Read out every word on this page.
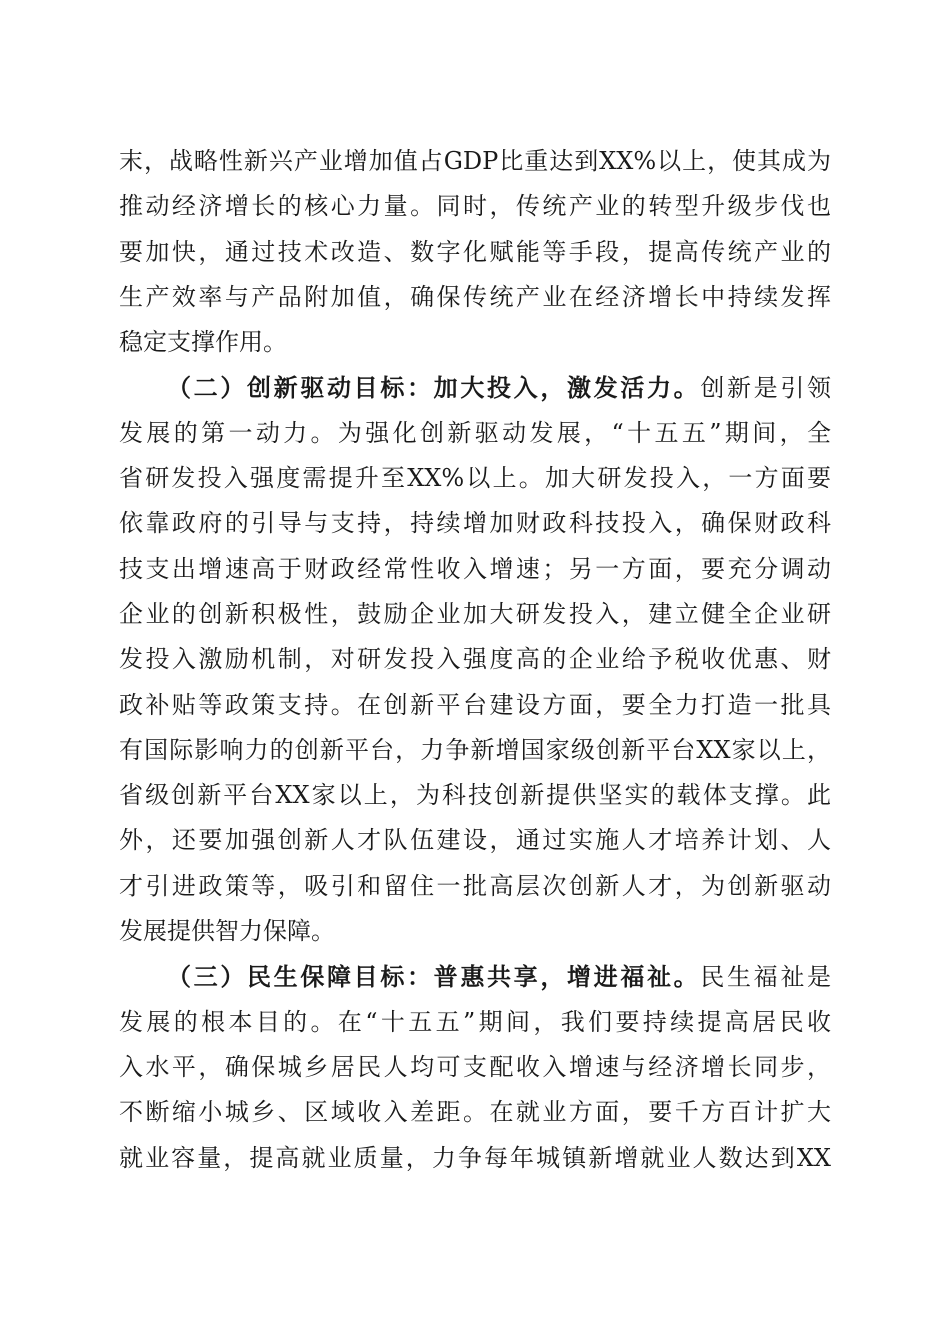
末，战略性新兴产业增加值占GDP比重达到XX%以上，使其成为
推动经济增长的核心力量。同时，传统产业的转型升级步伐也
要加快，通过技术改造、数字化赋能等手段，提高传统产业的
生产效率与产品附加值，确保传统产业在经济增长中持续发挥
稳定支撑作用。
（二）创新驱动目标：加大投入，激发活力。创新是引领
发展的第一动力。为强化创新驱动发展，“十五五”期间，全
省研发投入强度需提升至XX%以上。加大研发投入，一方面要
依靠政府的引导与支持，持续增加财政科技投入，确保财政科
技支出增速高于财政经常性收入增速；另一方面，要充分调动
企业的创新积极性，鼓励企业加大研发投入，建立健全企业研
发投入激励机制，对研发投入强度高的企业给予税收优惠、财
政补贴等政策支持。在创新平台建设方面，要全力打造一批具
有国际影响力的创新平台，力争新增国家级创新平台XX家以上，
省级创新平台XX家以上，为科技创新提供坚实的载体支撑。此
外，还要加强创新人才队伍建设，通过实施人才培养计划、人
才引进政策等，吸引和留住一批高层次创新人才，为创新驱动
发展提供智力保障。
（三）民生保障目标：普惠共享，增进福祉。民生福祉是
发展的根本目的。在“十五五”期间，我们要持续提高居民收
入水平，确保城乡居民人均可支配收入增速与经济增长同步，
不断缩小城乡、区域收入差距。在就业方面，要千方百计扩大
就业容量，提高就业质量，力争每年城镇新增就业人数达到XX
